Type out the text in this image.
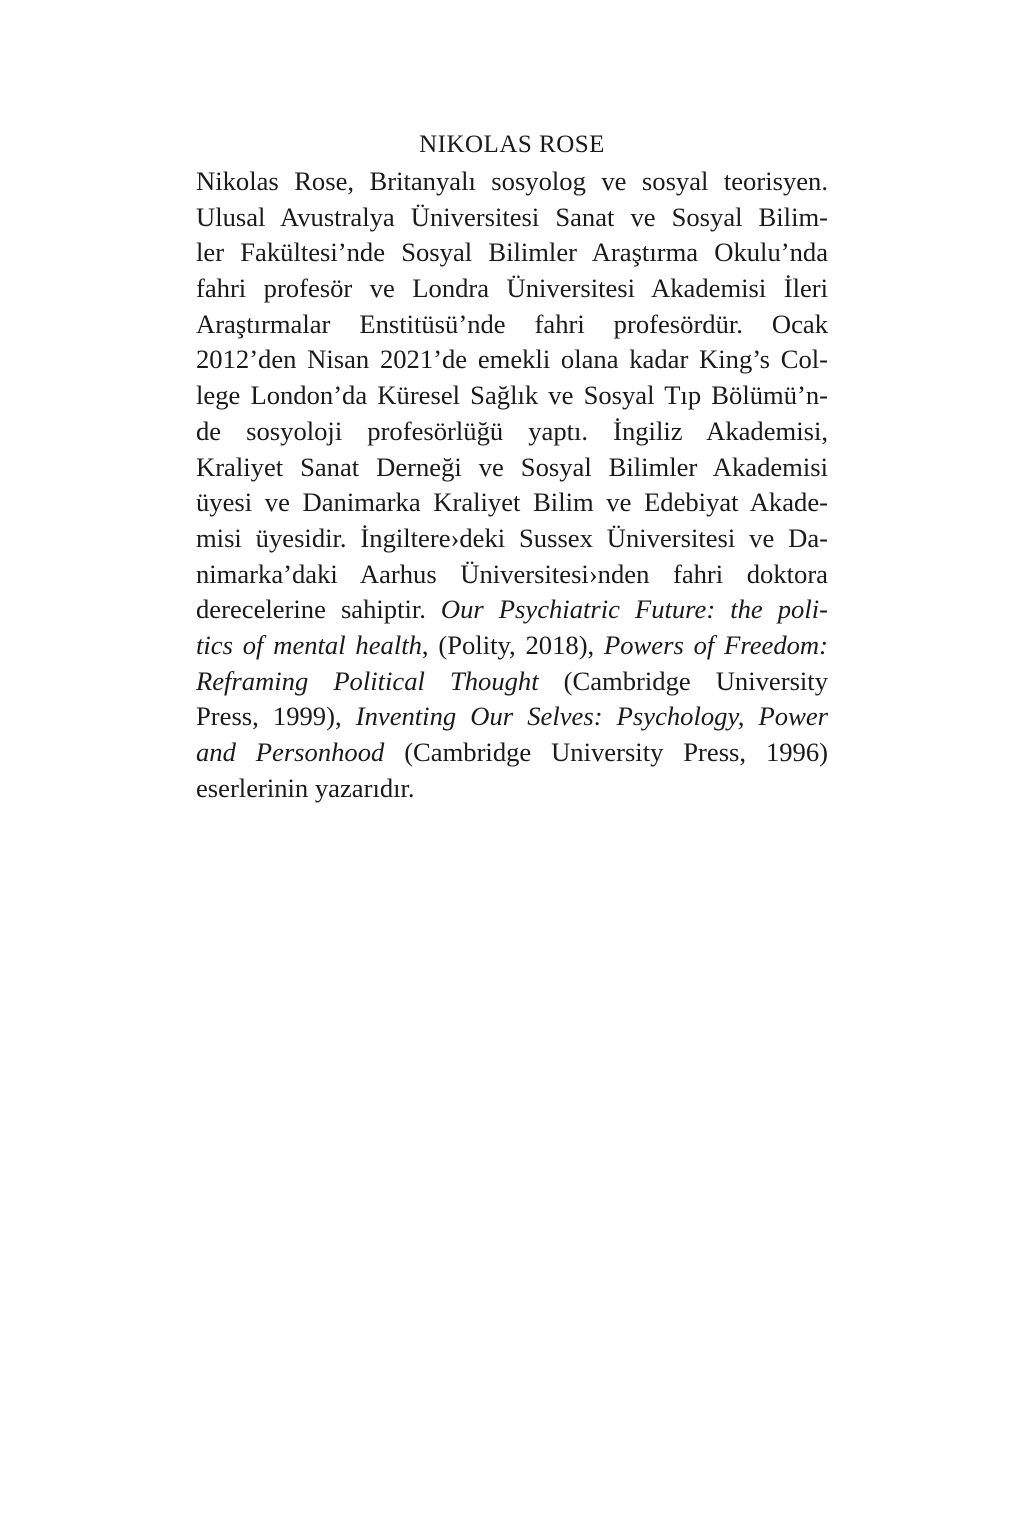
NIKOLAS ROSE
Nikolas Rose, Britanyalı sosyolog ve sosyal teorisyen.
Ulusal Avustralya Üniversitesi Sanat ve Sosyal Bilim-
ler Fakültesi’nde Sosyal Bilimler Araştırma Okulu’nda
fahri profesör ve Londra Üniversitesi Akademisi İleri
Araştırmalar Enstitüsü’nde fahri profesördür. Ocak
2012’den Nisan 2021’de emekli olana kadar King’s Col-
lege London’da Küresel Sağlık ve Sosyal Tıp Bölümü’n-
de sosyoloji profesörlüğü yaptı. İngiliz Akademisi,
Kraliyet Sanat Derneği ve Sosyal Bilimler Akademisi
üyesi ve Danimarka Kraliyet Bilim ve Edebiyat Akade-
misi üyesidir. İngiltere›deki Sussex Üniversitesi ve Da-
nimarka’daki Aarhus Üniversitesi›nden fahri doktora
derecelerine sahiptir. Our Psychiatric Future: the poli-
tics of mental health, (Polity, 2018), Powers of Freedom:
Reframing Political Thought (Cambridge University
Press, 1999), Inventing Our Selves: Psychology, Power
and Personhood (Cambridge University Press, 1996)
eserlerinin yazarıdır.
